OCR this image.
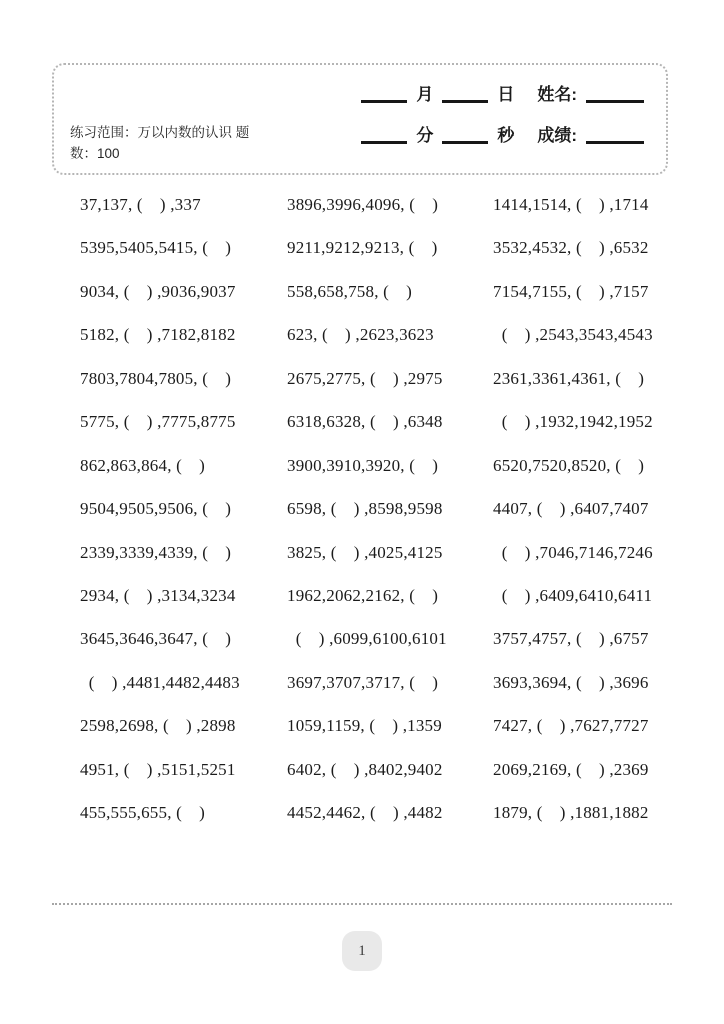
练习范围：万以内数的认识 题
数：100
月	日 姓名:
分	秒 成绩:
37,137, (　) ,337	3896,3996,4096, (　)	1414,1514, (　) ,1714
5395,5405,5415, (　)	9211,9212,9213, (　)	3532,4532, (　) ,6532
9034, (　) ,9036,9037	558,658,758, (　)	7154,7155, (　) ,7157
5182, (　) ,7182,8182	623, (　) ,2623,3623	 (　) ,2543,3543,4543
7803,7804,7805, (　)	2675,2775, (　) ,2975	2361,3361,4361, (　)
5775, (　) ,7775,8775	6318,6328, (　) ,6348	 (　) ,1932,1942,1952
862,863,864, (　)	3900,3910,3920, (　)	6520,7520,8520, (　)
9504,9505,9506, (　)	6598, (　) ,8598,9598	4407, (　) ,6407,7407
2339,3339,4339, (　)	3825, (　) ,4025,4125	 (　) ,7046,7146,7246
2934, (　) ,3134,3234	1962,2062,2162, (　)	 (　) ,6409,6410,6411
3645,3646,3647, (　)	 (　) ,6099,6100,6101	3757,4757, (　) ,6757
 (　) ,4481,4482,4483	3697,3707,3717, (　)	3693,3694, (　) ,3696
2598,2698, (　) ,2898	1059,1159, (　) ,1359	7427, (　) ,7627,7727
4951, (　) ,5151,5251	6402, (　) ,8402,9402	2069,2169, (　) ,2369
455,555,655, (　)	4452,4462, (　) ,4482	1879, (　) ,1881,1882
1
